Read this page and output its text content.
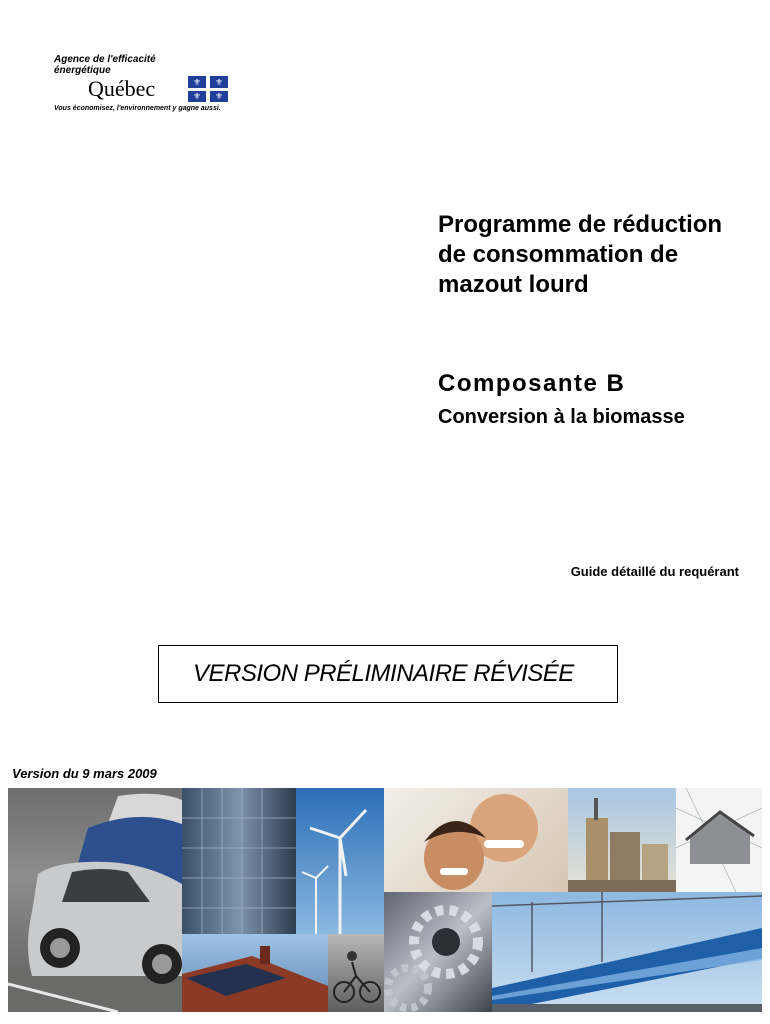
Agence de l'efficacité
énergétique
Québec	⚜ ⚜
⚜ ⚜
Vous économisez, l'environnement y gagne aussi.
Programme de réduction
de consommation de
mazout lourd
Composante B
Conversion à la biomasse
Guide détaillé du requérant
VERSION PRÉLIMINAIRE RÉVISÉE
Version du 9 mars 2009
